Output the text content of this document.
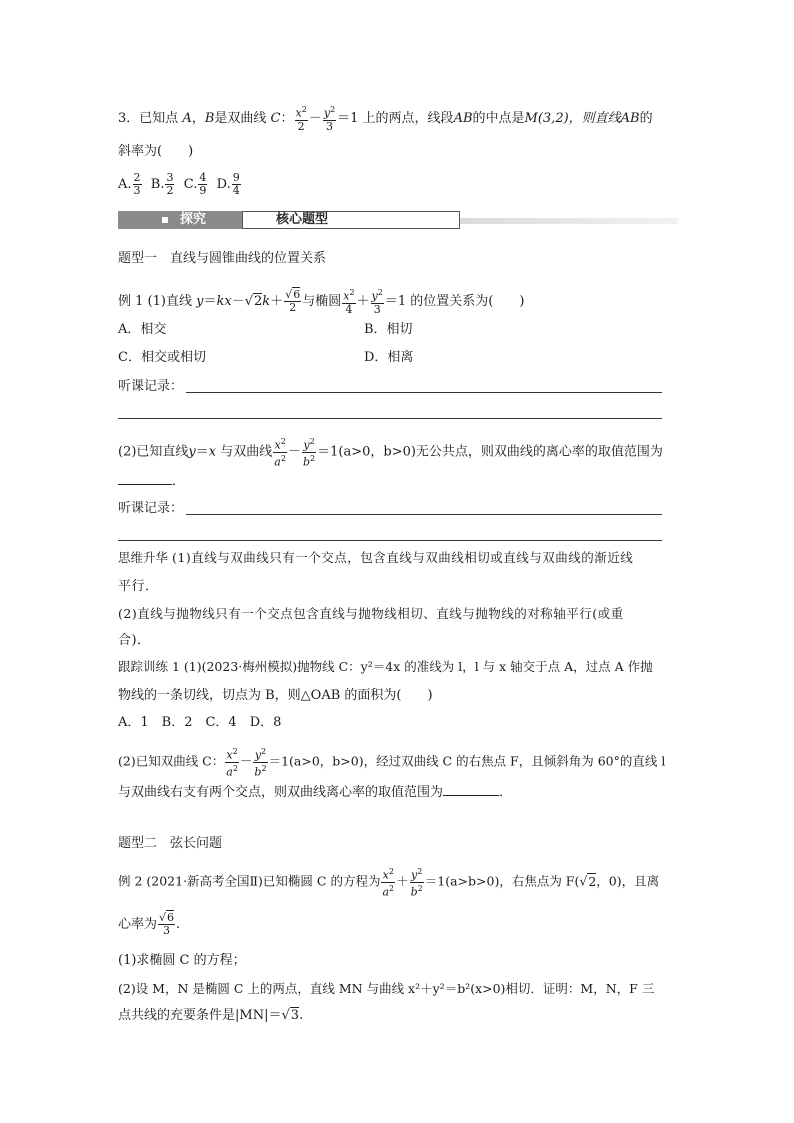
3．已知点 A，B是双曲线 C： $\frac{x^2}{2} - \frac{y^2}{3} =1$ 上的两点，线段AB的中点是M(3,2)，则直线AB的
斜率为(　　)
A. $\frac{2}{3} B$. $\frac{3}{2} C$. $\frac{4}{9} D$. $\frac{9}{4}$
探究	核心题型
题型一　直线与圆锥曲线的位置关系
例 1 (1)直线 $y=kx-√2k+ \frac{√6}{2}$ 与椭圆 $\frac{x^2}{4} + \frac{y^2}{3} =1$ 的位置关系为(　　)
A．相交	B．相切
C．相交或相切	D．相离
听课记录：
(2)已知直线y＝x 与双曲线 $\frac{x^2}{a^2} - \frac{y^2}{b^2} =1(a>0$，b>0)无公共点，则双曲线的离心率的取值范围为
．
听课记录：
思维升华 (1)直线与双曲线只有一个交点，包含直线与双曲线相切或直线与双曲线的渐近线
平行．
(2)直线与抛物线只有一个交点包含直线与抛物线相切、直线与抛物线的对称轴平行(或重
合)．
跟踪训练 1 (1)(2023·梅州模拟)抛物线 C：y²＝4x 的准线为 l，l 与 x 轴交于点 A，过点 A 作抛
物线的一条切线，切点为 B，则△OAB 的面积为(　　)
A．1　B．2　C．4　D．8
(2)已知双曲线 C： $\frac{x^2}{a^2} - \frac{y^2}{b^2} =1(a>0$，b>0)，经过双曲线 C 的右焦点 F，且倾斜角为 60°的直线 l
与双曲线右支有两个交点，则双曲线离心率的取值范围为	．
题型二　弦长问题
例 2 (2021·新高考全国Ⅱ)已知椭圆 C 的方程为 $\frac{x^2}{a^2} + \frac{y^2}{b^2} =1(a>b>0)$，右焦点为 F(√2，0)，且离
心率为 $\frac{√6}{3}$ .
(1)求椭圆 C 的方程；
(2)设 M，N 是椭圆 C 上的两点，直线 MN 与曲线 x²＋y²＝b²(x>0)相切．证明：M，N，F 三
点共线的充要条件是|MN|＝√3.
